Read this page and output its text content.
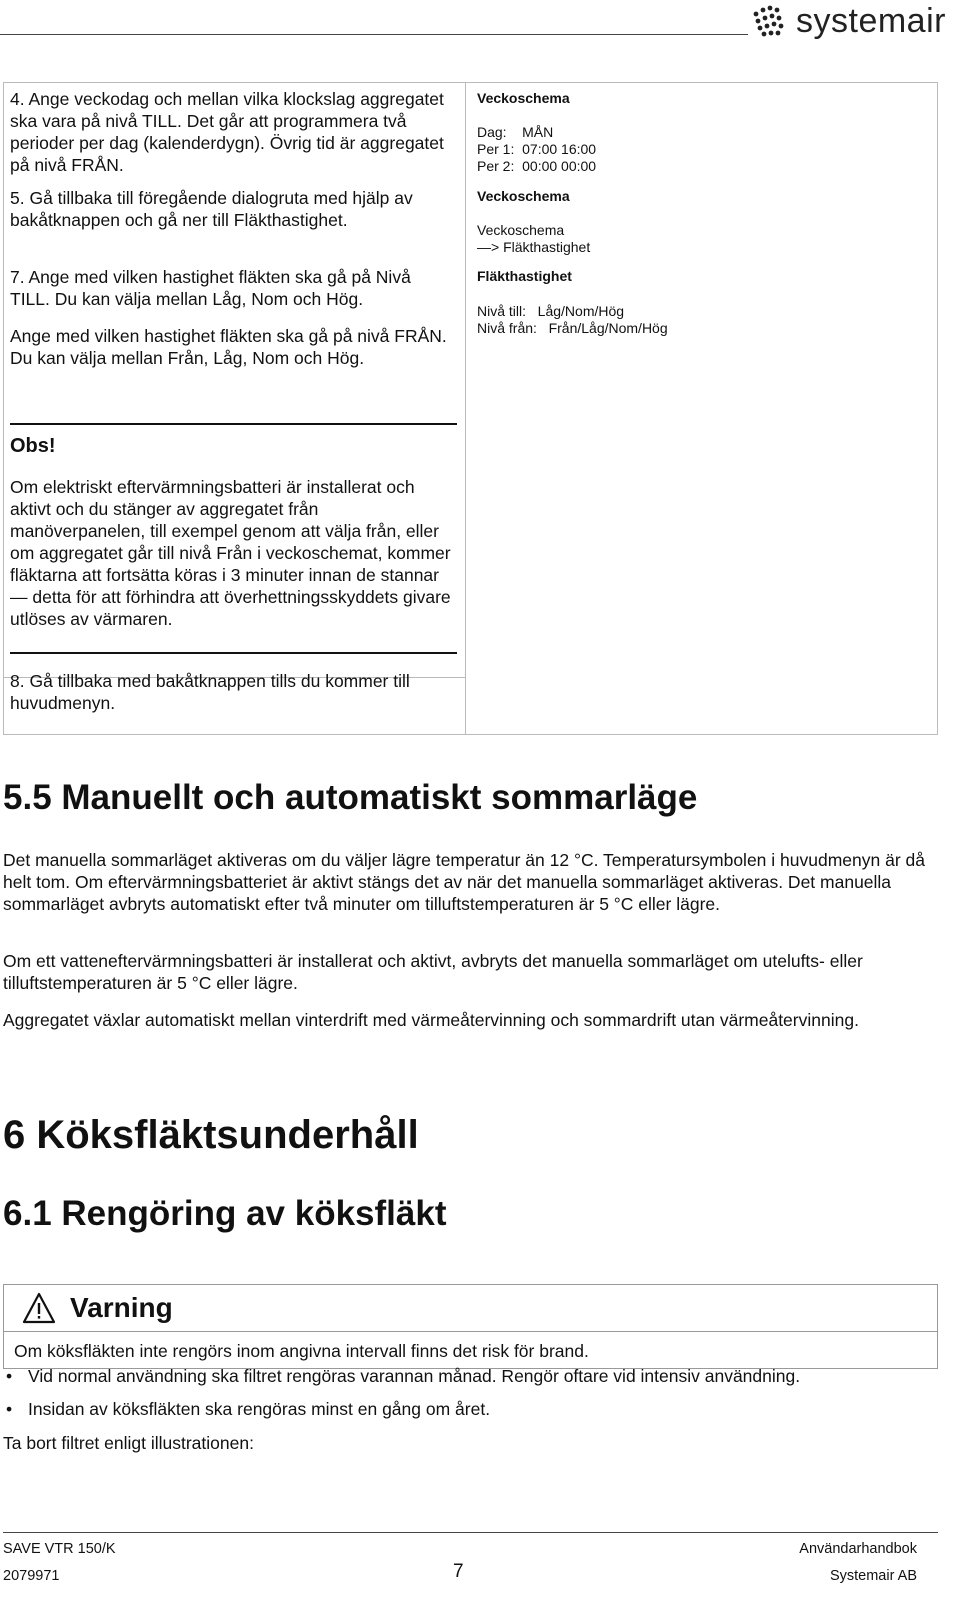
systemair
4. Ange veckodag och mellan vilka klockslag aggregatet ska vara på nivå TILL. Det går att programmera två perioder per dag (kalenderdygn). Övrig tid är aggregatet på nivå FRÅN.
5. Gå tillbaka till föregående dialogruta med hjälp av bakåtknappen och gå ner till Fläkthastighet.
7. Ange med vilken hastighet fläkten ska gå på Nivå TILL. Du kan välja mellan Låg, Nom och Hög.
Ange med vilken hastighet fläkten ska gå på nivå FRÅN. Du kan välja mellan Från, Låg, Nom och Hög.
Veckoschema
Dag:    MÅN
Per 1:  07:00 16:00
Per 2:  00:00 00:00
Veckoschema
Veckoschema
—> Fläkthastighet
Fläkthastighet
Nivå till:   Låg/Nom/Hög
Nivå från:   Från/Låg/Nom/Hög
Obs!
Om elektriskt eftervärmningsbatteri är installerat och aktivt och du stänger av aggregatet från manöverpanelen, till exempel genom att välja från, eller om aggregatet går till nivå Från i veckoschemat, kommer fläktarna att fortsätta köras i 3 minuter innan de stannar — detta för att förhindra att överhettningsskyddets givare utlöses av värmaren.
8. Gå tillbaka med bakåtknappen tills du kommer till huvudmenyn.
5.5 Manuellt och automatiskt sommarläge
Det manuella sommarläget aktiveras om du väljer lägre temperatur än 12 °C. Temperatursymbolen i huvudmenyn är då helt tom. Om eftervärmningsbatteriet är aktivt stängs det av när det manuella sommarläget aktiveras. Det manuella sommarläget avbryts automatiskt efter två minuter om tilluftstemperaturen är 5 °C eller lägre.
Om ett vatteneftervärmningsbatteri är installerat och aktivt, avbryts det manuella sommarläget om utelufts- eller tilluftstemperaturen är 5 °C eller lägre.
Aggregatet växlar automatiskt mellan vinterdrift med värmeåtervinning och sommardrift utan värmeåtervinning.
6 Köksfläktsunderhåll
6.1 Rengöring av köksfläkt
Varning
Om köksfläkten inte rengörs inom angivna intervall finns det risk för brand.
• Vid normal användning ska filtret rengöras varannan månad. Rengör oftare vid intensiv användning.
• Insidan av köksfläkten ska rengöras minst en gång om året.
Ta bort filtret enligt illustrationen:
SAVE VTR 150/K
2079971	7
Användarhandbok
Systemair AB
